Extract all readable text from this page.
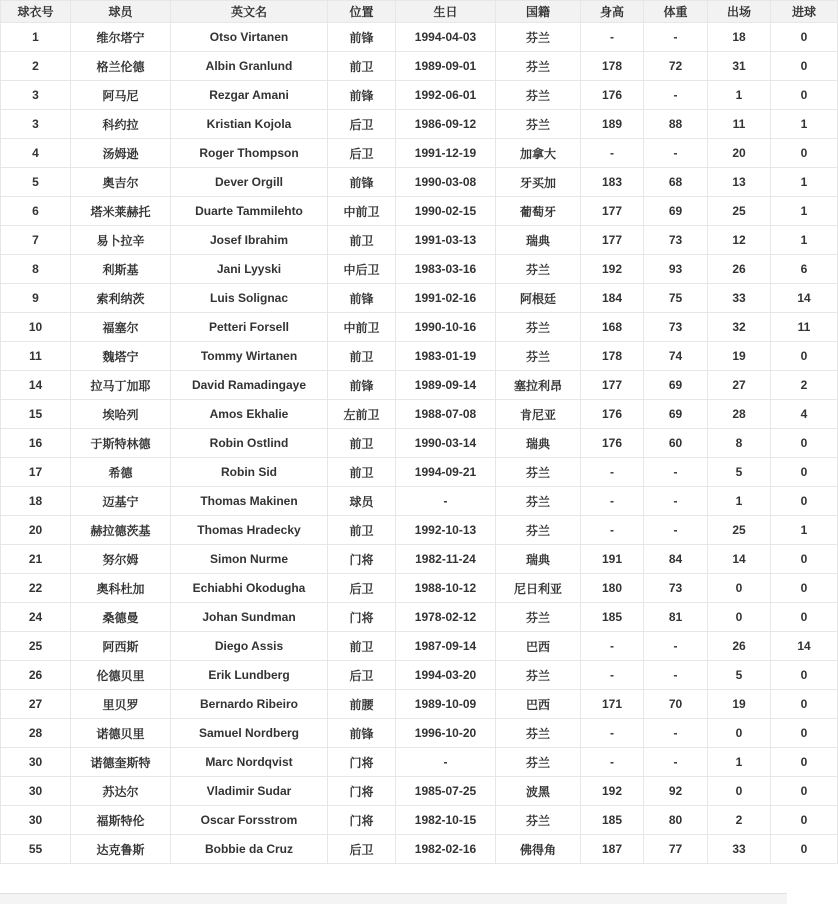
球衣号	球员	英文名	位置	生日	国籍	身高	体重	出场	进球
1	维尔塔宁	Otso Virtanen	前锋	1994-04-03	芬兰	-	-	18	0
2	格兰伦德	Albin Granlund	前卫	1989-09-01	芬兰	178	72	31	0
3	阿马尼	Rezgar Amani	前锋	1992-06-01	芬兰	176	-	1	0
3	科约拉	Kristian Kojola	后卫	1986-09-12	芬兰	189	88	11	1
4	汤姆逊	Roger Thompson	后卫	1991-12-19	加拿大	-	-	20	0
5	奥吉尔	Dever Orgill	前锋	1990-03-08	牙买加	183	68	13	1
6	塔米莱赫托	Duarte Tammilehto	中前卫	1990-02-15	葡萄牙	177	69	25	1
7	易卜拉辛	Josef Ibrahim	前卫	1991-03-13	瑞典	177	73	12	1
8	利斯基	Jani Lyyski	中后卫	1983-03-16	芬兰	192	93	26	6
9	索利纳茨	Luis Solignac	前锋	1991-02-16	阿根廷	184	75	33	14
10	福塞尔	Petteri Forsell	中前卫	1990-10-16	芬兰	168	73	32	11
11	魏塔宁	Tommy Wirtanen	前卫	1983-01-19	芬兰	178	74	19	0
14	拉马丁加耶	David Ramadingaye	前锋	1989-09-14	塞拉利昂	177	69	27	2
15	埃哈列	Amos Ekhalie	左前卫	1988-07-08	肯尼亚	176	69	28	4
16	于斯特林德	Robin Ostlind	前卫	1990-03-14	瑞典	176	60	8	0
17	希德	Robin Sid	前卫	1994-09-21	芬兰	-	-	5	0
18	迈基宁	Thomas Makinen	球员	-	芬兰	-	-	1	0
20	赫拉德茨基	Thomas Hradecky	前卫	1992-10-13	芬兰	-	-	25	1
21	努尔姆	Simon Nurme	门将	1982-11-24	瑞典	191	84	14	0
22	奥科杜加	Echiabhi Okodugha	后卫	1988-10-12	尼日利亚	180	73	0	0
24	桑德曼	Johan Sundman	门将	1978-02-12	芬兰	185	81	0	0
25	阿西斯	Diego Assis	前卫	1987-09-14	巴西	-	-	26	14
26	伦德贝里	Erik Lundberg	后卫	1994-03-20	芬兰	-	-	5	0
27	里贝罗	Bernardo Ribeiro	前腰	1989-10-09	巴西	171	70	19	0
28	诺德贝里	Samuel Nordberg	前锋	1996-10-20	芬兰	-	-	0	0
30	诺德奎斯特	Marc Nordqvist	门将	-	芬兰	-	-	1	0
30	苏达尔	Vladimir Sudar	门将	1985-07-25	波黑	192	92	0	0
30	福斯特伦	Oscar Forsstrom	门将	1982-10-15	芬兰	185	80	2	0
55	达克鲁斯	Bobbie da Cruz	后卫	1982-02-16	佛得角	187	77	33	0
